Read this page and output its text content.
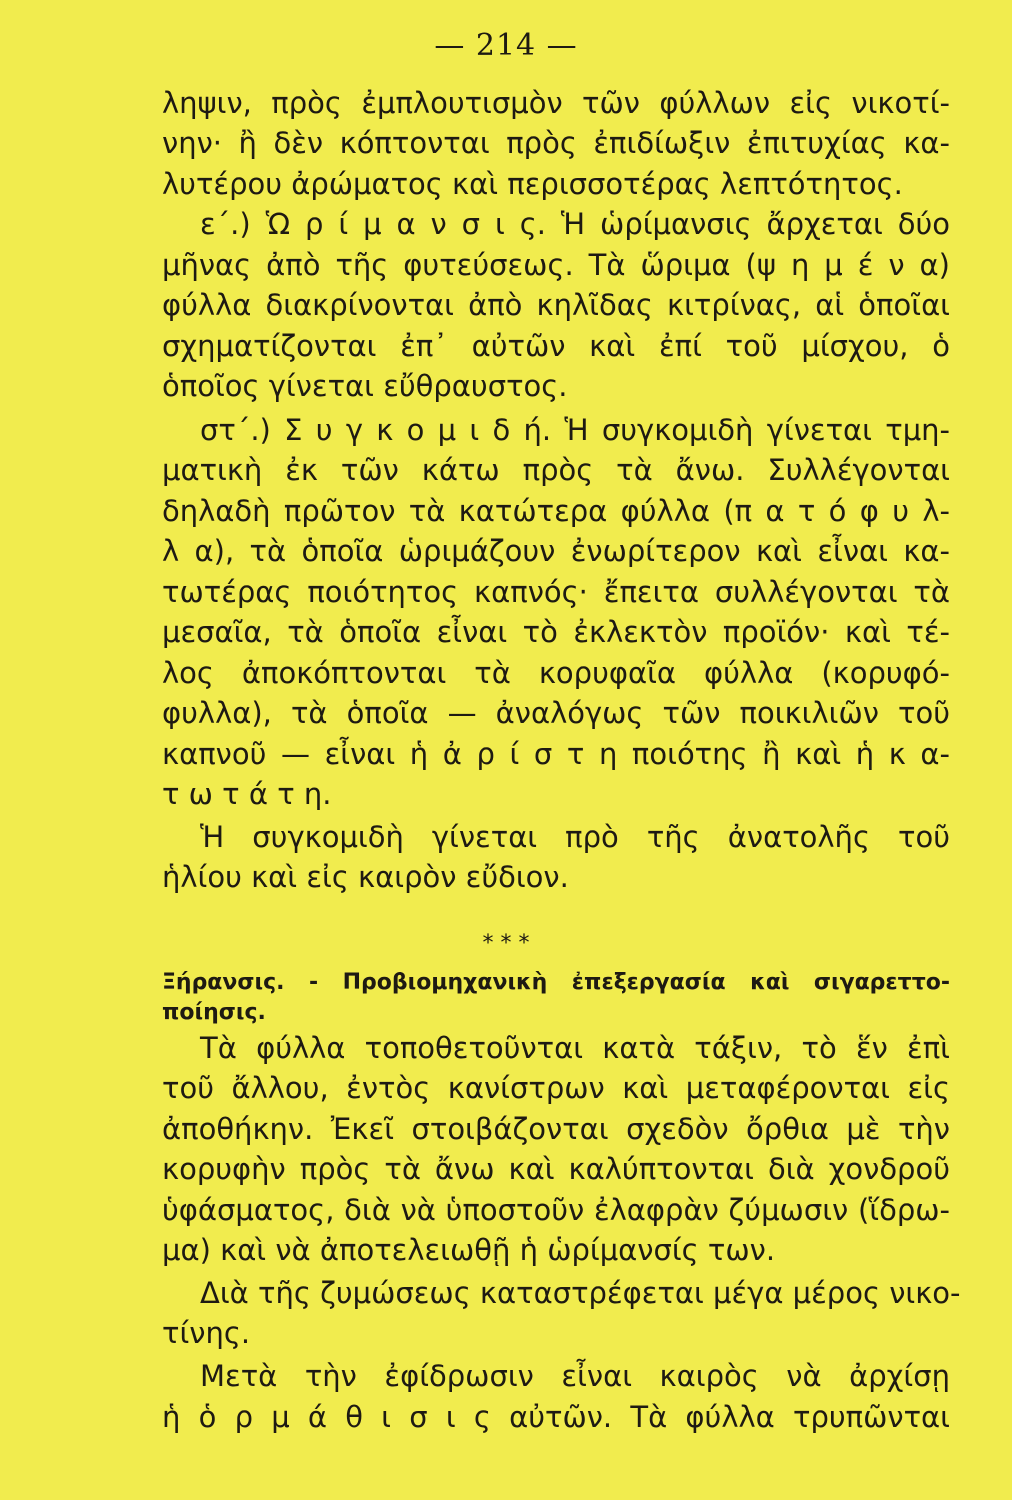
— 214 —
ληψιν, πρὸς ἐμπλουτισμὸν τῶν φύλλων εἰς νικοτί-
νην· ἢ δὲν κόπτονται πρὸς ἐπιδίωξιν ἐπιτυχίας κα-
λυτέρου ἀρώματος καὶ περισσοτέρας λεπτότητος.
ε΄.) Ὡ ρ ί μ α ν σ ι ς. Ἡ ὡρίμανσις ἄρχεται δύο
μῆνας ἀπὸ τῆς φυτεύσεως. Τὰ ὥριμα (ψ η μ έ ν α)
φύλλα διακρίνονται ἀπὸ κηλῖδας κιτρίνας, αἱ ὁποῖαι
σχηματίζονται ἐπ᾿ αὐτῶν καὶ ἐπί τοῦ μίσχου, ὁ
ὁποῖος γίνεται εὔθραυστος.
στ΄.) Σ υ γ κ ο μ ι δ ή. Ἡ συγκομιδὴ γίνεται τμη-
ματικὴ ἐκ τῶν κάτω πρὸς τὰ ἄνω. Συλλέγονται
δηλαδὴ πρῶτον τὰ κατώτερα φύλλα (π α τ ό φ υ λ-
λ α), τὰ ὁποῖα ὡριμάζουν ἐνωρίτερον καὶ εἶναι κα-
τωτέρας ποιότητος καπνός· ἔπειτα συλλέγονται τὰ
μεσαῖα, τὰ ὁποῖα εἶναι τὸ ἐκλεκτὸν προϊόν· καὶ τέ-
λος ἀποκόπτονται τὰ κορυφαῖα φύλλα (κορυφό-
φυλλα), τὰ ὁποῖα — ἀναλόγως τῶν ποικιλιῶν τοῦ
καπνοῦ — εἶναι ἡ ἀ ρ ί σ τ η ποιότης ἢ καὶ ἡ κ α-
τ ω τ ά τ η.
Ἡ συγκομιδὴ γίνεται πρὸ τῆς ἀνατολῆς τοῦ
ἡλίου καὶ εἰς καιρὸν εὔδιον.
* * *
Ξήρανσις. - Προβιομηχανικὴ ἐπεξεργασία καὶ σιγαρεττο-
ποίησις.
Τὰ φύλλα τοποθετοῦνται κατὰ τάξιν, τὸ ἕν ἐπὶ
τοῦ ἄλλου, ἐντὸς κανίστρων καὶ μεταφέρονται εἰς
ἀποθήκην. Ἐκεῖ στοιβάζονται σχεδὸν ὄρθια μὲ τὴν
κορυφὴν πρὸς τὰ ἄνω καὶ καλύπτονται διὰ χονδροῦ
ὑφάσματος, διὰ νὰ ὑποστοῦν ἐλαφρὰν ζύμωσιν (ἵδρω-
μα) καὶ νὰ ἀποτελειωθῇ ἡ ὡρίμανσίς των.
Διὰ τῆς ζυμώσεως καταστρέφεται μέγα μέρος νικο-
τίνης.
Μετὰ τὴν ἐφίδρωσιν εἶναι καιρὸς νὰ ἀρχίσῃ
ἡ ὁ ρ μ ά θ ι σ ι ς αὐτῶν. Τὰ φύλλα τρυπῶνται
